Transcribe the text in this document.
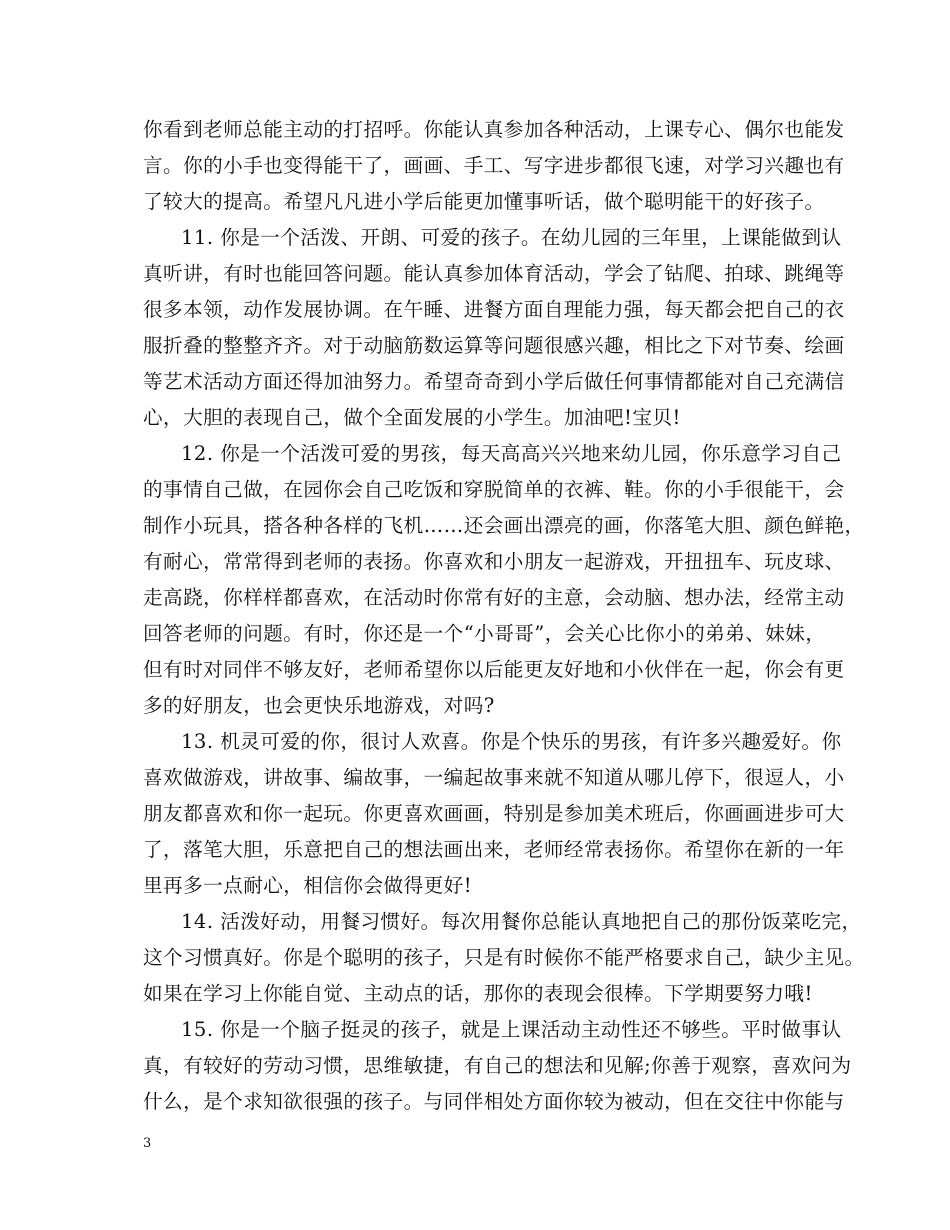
你看到老师总能主动的打招呼。你能认真参加各种活动，上课专心、偶尔也能发
言。你的小手也变得能干了，画画、手工、写字进步都很飞速，对学习兴趣也有
了较大的提高。希望凡凡进小学后能更加懂事听话，做个聪明能干的好孩子。
11. 你是一个活泼、开朗、可爱的孩子。在幼儿园的三年里，上课能做到认
真听讲，有时也能回答问题。能认真参加体育活动，学会了钻爬、拍球、跳绳等
很多本领，动作发展协调。在午睡、进餐方面自理能力强，每天都会把自己的衣
服折叠的整整齐齐。对于动脑筋数运算等问题很感兴趣，相比之下对节奏、绘画
等艺术活动方面还得加油努力。希望奇奇到小学后做任何事情都能对自己充满信
心，大胆的表现自己，做个全面发展的小学生。加油吧!宝贝!
12. 你是一个活泼可爱的男孩，每天高高兴兴地来幼儿园，你乐意学习自己
的事情自己做，在园你会自己吃饭和穿脱简单的衣裤、鞋。你的小手很能干，会
制作小玩具，搭各种各样的飞机……还会画出漂亮的画，你落笔大胆、颜色鲜艳，
有耐心，常常得到老师的表扬。你喜欢和小朋友一起游戏，开扭扭车、玩皮球、
走高跷，你样样都喜欢，在活动时你常有好的主意，会动脑、想办法，经常主动
回答老师的问题。有时，你还是一个“小哥哥”，会关心比你小的弟弟、妹妹，
但有时对同伴不够友好，老师希望你以后能更友好地和小伙伴在一起，你会有更
多的好朋友，也会更快乐地游戏，对吗?
13. 机灵可爱的你，很讨人欢喜。你是个快乐的男孩，有许多兴趣爱好。你
喜欢做游戏，讲故事、编故事，一编起故事来就不知道从哪儿停下，很逗人，小
朋友都喜欢和你一起玩。你更喜欢画画，特别是参加美术班后，你画画进步可大
了，落笔大胆，乐意把自己的想法画出来，老师经常表扬你。希望你在新的一年
里再多一点耐心，相信你会做得更好!
14. 活泼好动，用餐习惯好。每次用餐你总能认真地把自己的那份饭菜吃完，
这个习惯真好。你是个聪明的孩子，只是有时候你不能严格要求自己，缺少主见。
如果在学习上你能自觉、主动点的话，那你的表现会很棒。下学期要努力哦!
15. 你是一个脑子挺灵的孩子，就是上课活动主动性还不够些。平时做事认
真，有较好的劳动习惯，思维敏捷，有自己的想法和见解;你善于观察，喜欢问为
什么，是个求知欲很强的孩子。与同伴相处方面你较为被动，但在交往中你能与
3
